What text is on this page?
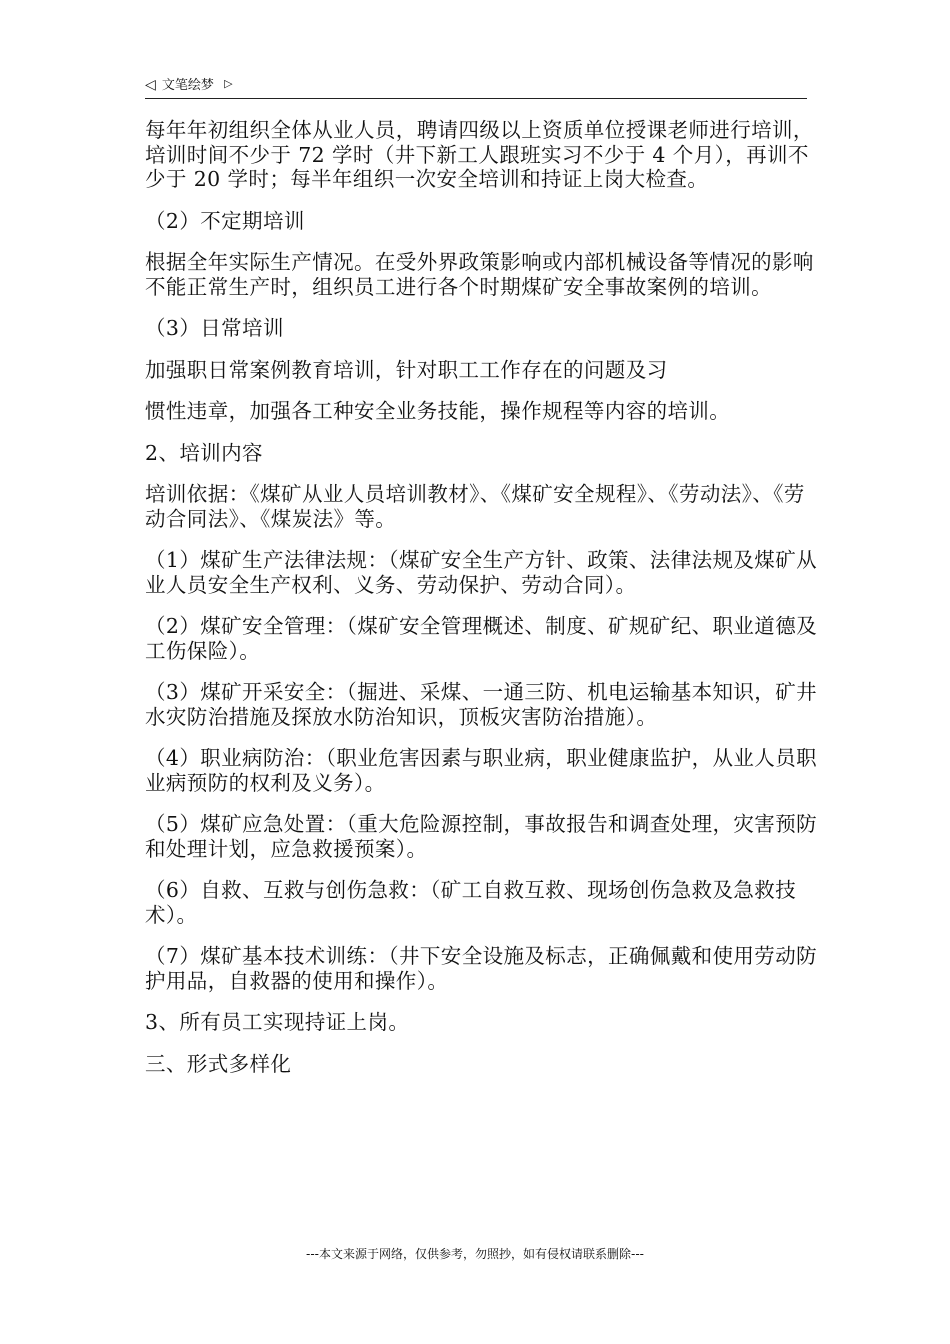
◁ 文笔绘梦 ▷

每年年初组织全体从业人员，聘请四级以上资质单位授课老师进行培训，培训时间不少于 72 学时（井下新工人跟班实习不少于 4 个月），再训不少于 20 学时；每半年组织一次安全培训和持证上岗大检查。

（2）不定期培训

根据全年实际生产情况。在受外界政策影响或内部机械设备等情况的影响不能正常生产时，组织员工进行各个时期煤矿安全事故案例的培训。

（3）日常培训

加强职日常案例教育培训，针对职工工作存在的问题及习

惯性违章，加强各工种安全业务技能，操作规程等内容的培训。

2、培训内容

培训依据：《煤矿从业人员培训教材》、《煤矿安全规程》、《劳动法》、《劳动合同法》、《煤炭法》等。

（1）煤矿生产法律法规：（煤矿安全生产方针、政策、法律法规及煤矿从业人员安全生产权利、义务、劳动保护、劳动合同）。

（2）煤矿安全管理：（煤矿安全管理概述、制度、矿规矿纪、职业道德及工伤保险）。

（3）煤矿开采安全：（掘进、采煤、一通三防、机电运输基本知识，矿井水灾防治措施及探放水防治知识，顶板灾害防治措施）。

（4）职业病防治：（职业危害因素与职业病，职业健康监护，从业人员职业病预防的权利及义务）。

（5）煤矿应急处置：（重大危险源控制，事故报告和调查处理，灾害预防和处理计划，应急救援预案）。

（6）自救、互救与创伤急救：（矿工自救互救、现场创伤急救及急救技术）。

（7）煤矿基本技术训练：（井下安全设施及标志，正确佩戴和使用劳动防护用品，自救器的使用和操作）。

3、所有员工实现持证上岗。

三、形式多样化

---本文来源于网络，仅供参考，勿照抄，如有侵权请联系删除---
